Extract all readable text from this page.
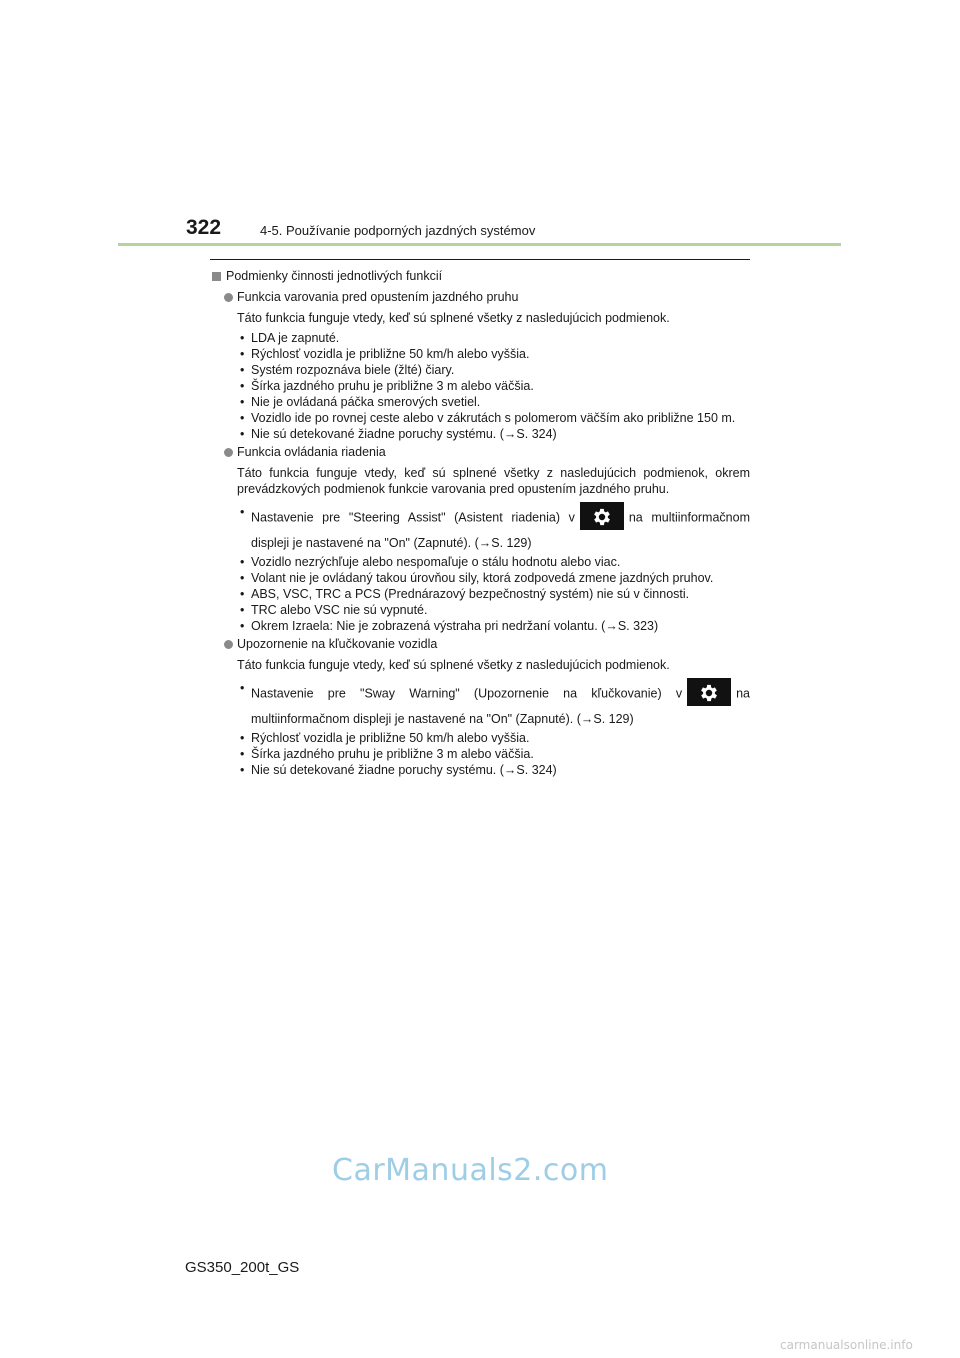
322	4-5. Používanie podporných jazdných systémov
Podmienky činnosti jednotlivých funkcií
Funkcia varovania pred opustením jazdného pruhu
Táto funkcia funguje vtedy, keď sú splnené všetky z nasledujúcich podmienok.
• LDA je zapnuté.
• Rýchlosť vozidla je približne 50 km/h alebo vyššia.
• Systém rozpoznáva biele (žlté) čiary.
• Šírka jazdného pruhu je približne 3 m alebo väčšia.
• Nie je ovládaná páčka smerových svetiel.
• Vozidlo ide po rovnej ceste alebo v zákrutách s polomerom väčším ako približne 150 m.
• Nie sú detekované žiadne poruchy systému. (→S. 324)
Funkcia ovládania riadenia
Táto funkcia funguje vtedy, keď sú splnené všetky z nasledujúcich podmienok, okrem prevádzkových podmienok funkcie varovania pred opustením jazdného pruhu.
• Nastavenie pre "Steering Assist" (Asistent riadenia) v	na multiinformačnom displeji je nastavené na "On" (Zapnuté). (→S. 129)
• Vozidlo nezrýchľuje alebo nespomaľuje o stálu hodnotu alebo viac.
• Volant nie je ovládaný takou úrovňou sily, ktorá zodpovedá zmene jazdných pruhov.
• ABS, VSC, TRC a PCS (Prednárazový bezpečnostný systém) nie sú v činnosti.
• TRC alebo VSC nie sú vypnuté.
• Okrem Izraela: Nie je zobrazená výstraha pri nedržaní volantu. (→S. 323)
Upozornenie na kľučkovanie vozidla
Táto funkcia funguje vtedy, keď sú splnené všetky z nasledujúcich podmienok.
• Nastavenie pre "Sway Warning" (Upozornenie na kľučkovanie) v	na multiinformačnom displeji je nastavené na "On" (Zapnuté). (→S. 129)
• Rýchlosť vozidla je približne 50 km/h alebo vyššia.
• Šírka jazdného pruhu je približne 3 m alebo väčšia.
• Nie sú detekované žiadne poruchy systému. (→S. 324)
CarManuals2.com
GS350_200t_GS
carmanualsonline.info
